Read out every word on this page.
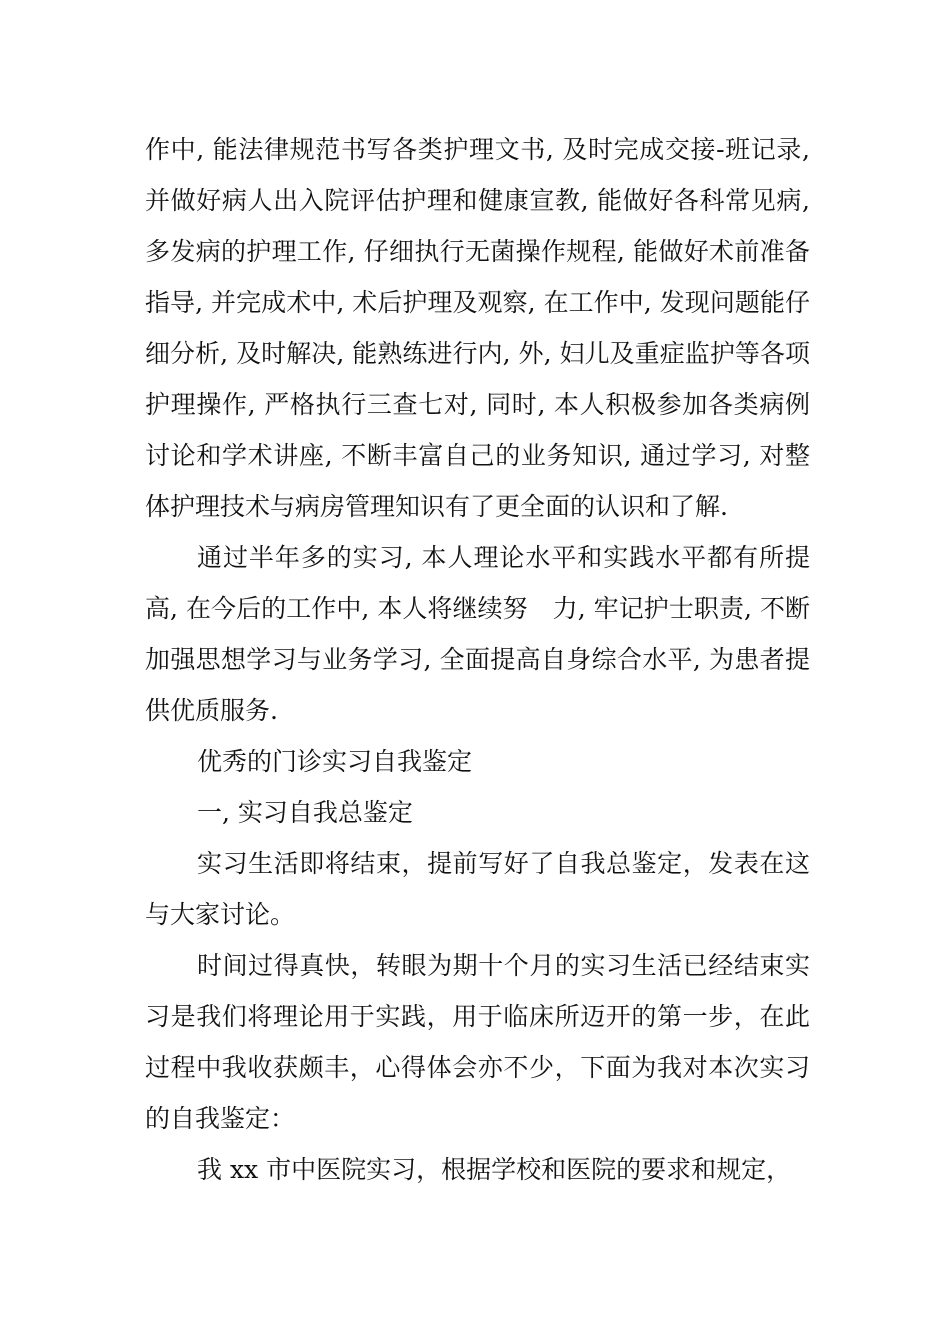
作中, 能法律规范书写各类护理文书, 及时完成交接-班记录, 并做好病人出入院评估护理和健康宣教, 能做好各科常见病, 多发病的护理工作, 仔细执行无菌操作规程, 能做好术前准备指导, 并完成术中, 术后护理及观察, 在工作中, 发现问题能仔细分析, 及时解决, 能熟练进行内, 外, 妇儿及重症监护等各项护理操作, 严格执行三查七对, 同时, 本人积极参加各类病例讨论和学术讲座, 不断丰富自己的业务知识, 通过学习, 对整体护理技术与病房管理知识有了更全面的认识和了解.

通过半年多的实习, 本人理论水平和实践水平都有所提高, 在今后的工作中, 本人将继续努　力, 牢记护士职责, 不断加强思想学习与业务学习, 全面提高自身综合水平, 为患者提供优质服务.

优秀的门诊实习自我鉴定

一, 实习自我总鉴定

实习生活即将结束，提前写好了自我总鉴定，发表在这与大家讨论。

时间过得真快，转眼为期十个月的实习生活已经结束实习是我们将理论用于实践，用于临床所迈开的第一步，在此过程中我收获颇丰，心得体会亦不少，下面为我对本次实习的自我鉴定：

我 xx 市中医院实习，根据学校和医院的要求和规定，
